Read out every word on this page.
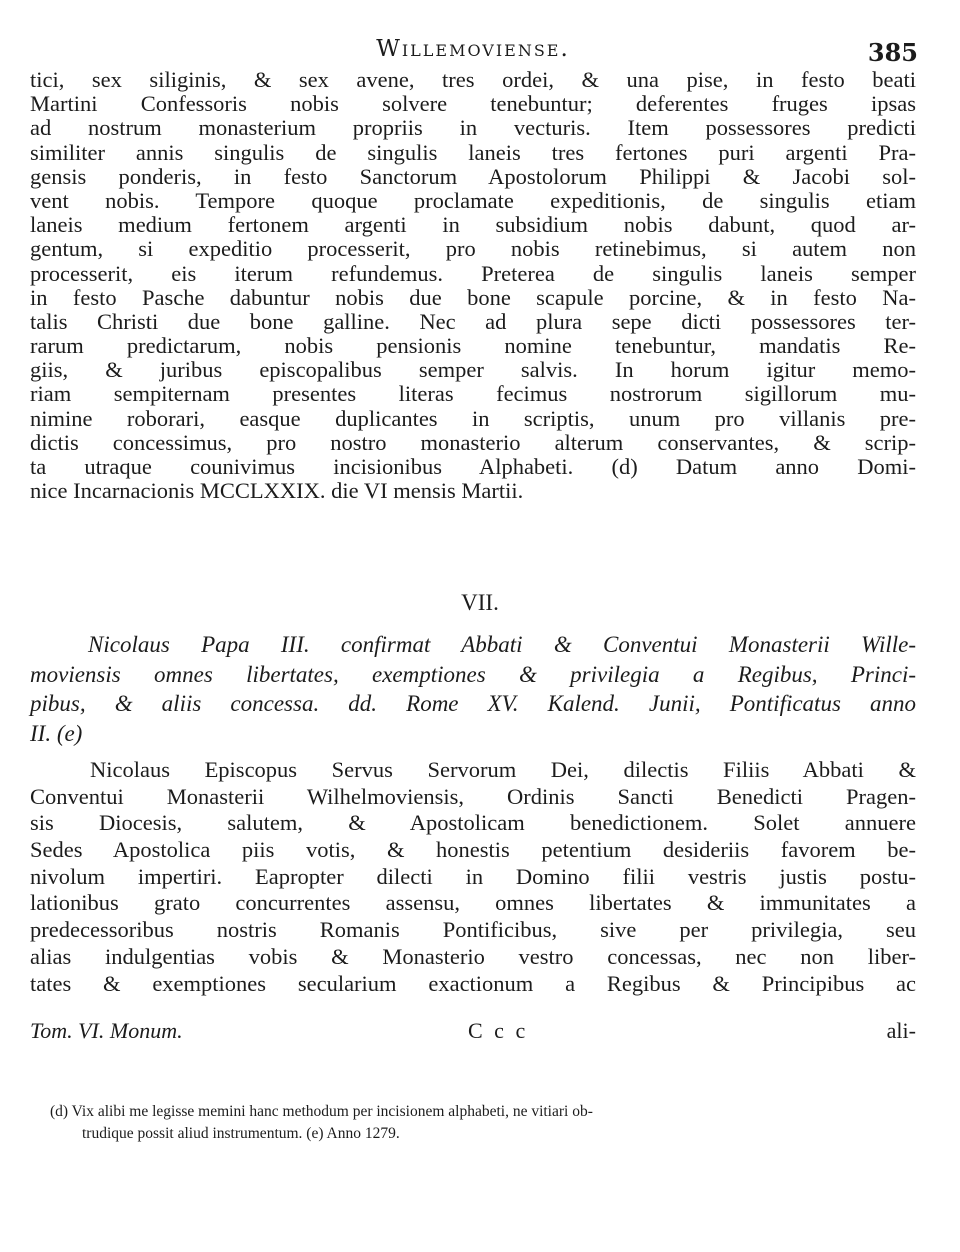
Willemoviense.	385
tici, sex siliginis, & sex avene, tres ordei, & una pise, in festo beati
Martini Confessoris nobis solvere tenebuntur; deferentes fruges ipsas
ad nostrum monasterium propriis in vecturis. Item possessores predicti
similiter annis singulis de singulis laneis tres fertones puri argenti Pra-
gensis ponderis, in festo Sanctorum Apostolorum Philippi & Jacobi sol-
vent nobis. Tempore quoque proclamate expeditionis, de singulis etiam
laneis medium fertonem argenti in subsidium nobis dabunt, quod ar-
gentum, si expeditio processerit, pro nobis retinebimus, si autem non
processerit, eis iterum refundemus. Preterea de singulis laneis semper
in festo Pasche dabuntur nobis due bone scapule porcine, & in festo Na-
talis Christi due bone galline. Nec ad plura sepe dicti possessores ter-
rarum predictarum, nobis pensionis nomine tenebuntur, mandatis Re-
giis, & juribus episcopalibus semper salvis. In horum igitur memo-
riam sempiternam presentes literas fecimus nostrorum sigillorum mu-
nimine roborari, easque duplicantes in scriptis, unum pro villanis pre-
dictis concessimus, pro nostro monasterio alterum conservantes, & scrip-
ta utraque counivimus incisionibus Alphabeti. (d) Datum anno Domi-
nice Incarnacionis MCCLXXIX. die VI mensis Martii.
VII.
Nicolaus Papa III. confirmat Abbati & Conventui Monasterii Wille-
moviensis omnes libertates, exemptiones & privilegia a Regibus, Princi-
pibus, & aliis concessa. dd. Rome XV. Kalend. Junii, Pontificatus anno
II. (e)
Nicolaus Episcopus Servus Servorum Dei, dilectis Filiis Abbati &
Conventui Monasterii Wilhelmoviensis, Ordinis Sancti Benedicti Pragen-
sis Diocesis, salutem, & Apostolicam benedictionem. Solet annuere
Sedes Apostolica piis votis, & honestis petentium desideriis favorem be-
nivolum impertiri. Eapropter dilecti in Domino filii vestris justis postu-
lationibus grato concurrentes assensu, omnes libertates & immunitates a
predecessoribus nostris Romanis Pontificibus, sive per privilegia, seu
alias indulgentias vobis & Monasterio vestro concessas, nec non liber-
tates & exemptiones secularium exactionum a Regibus & Principibus ac
Tom. VI. Monum.	C c c	ali-
(d) Vix alibi me legisse memini hanc methodum per incisionem alphabeti, ne vitiari ob-
trudique possit aliud instrumentum. (e) Anno 1279.
